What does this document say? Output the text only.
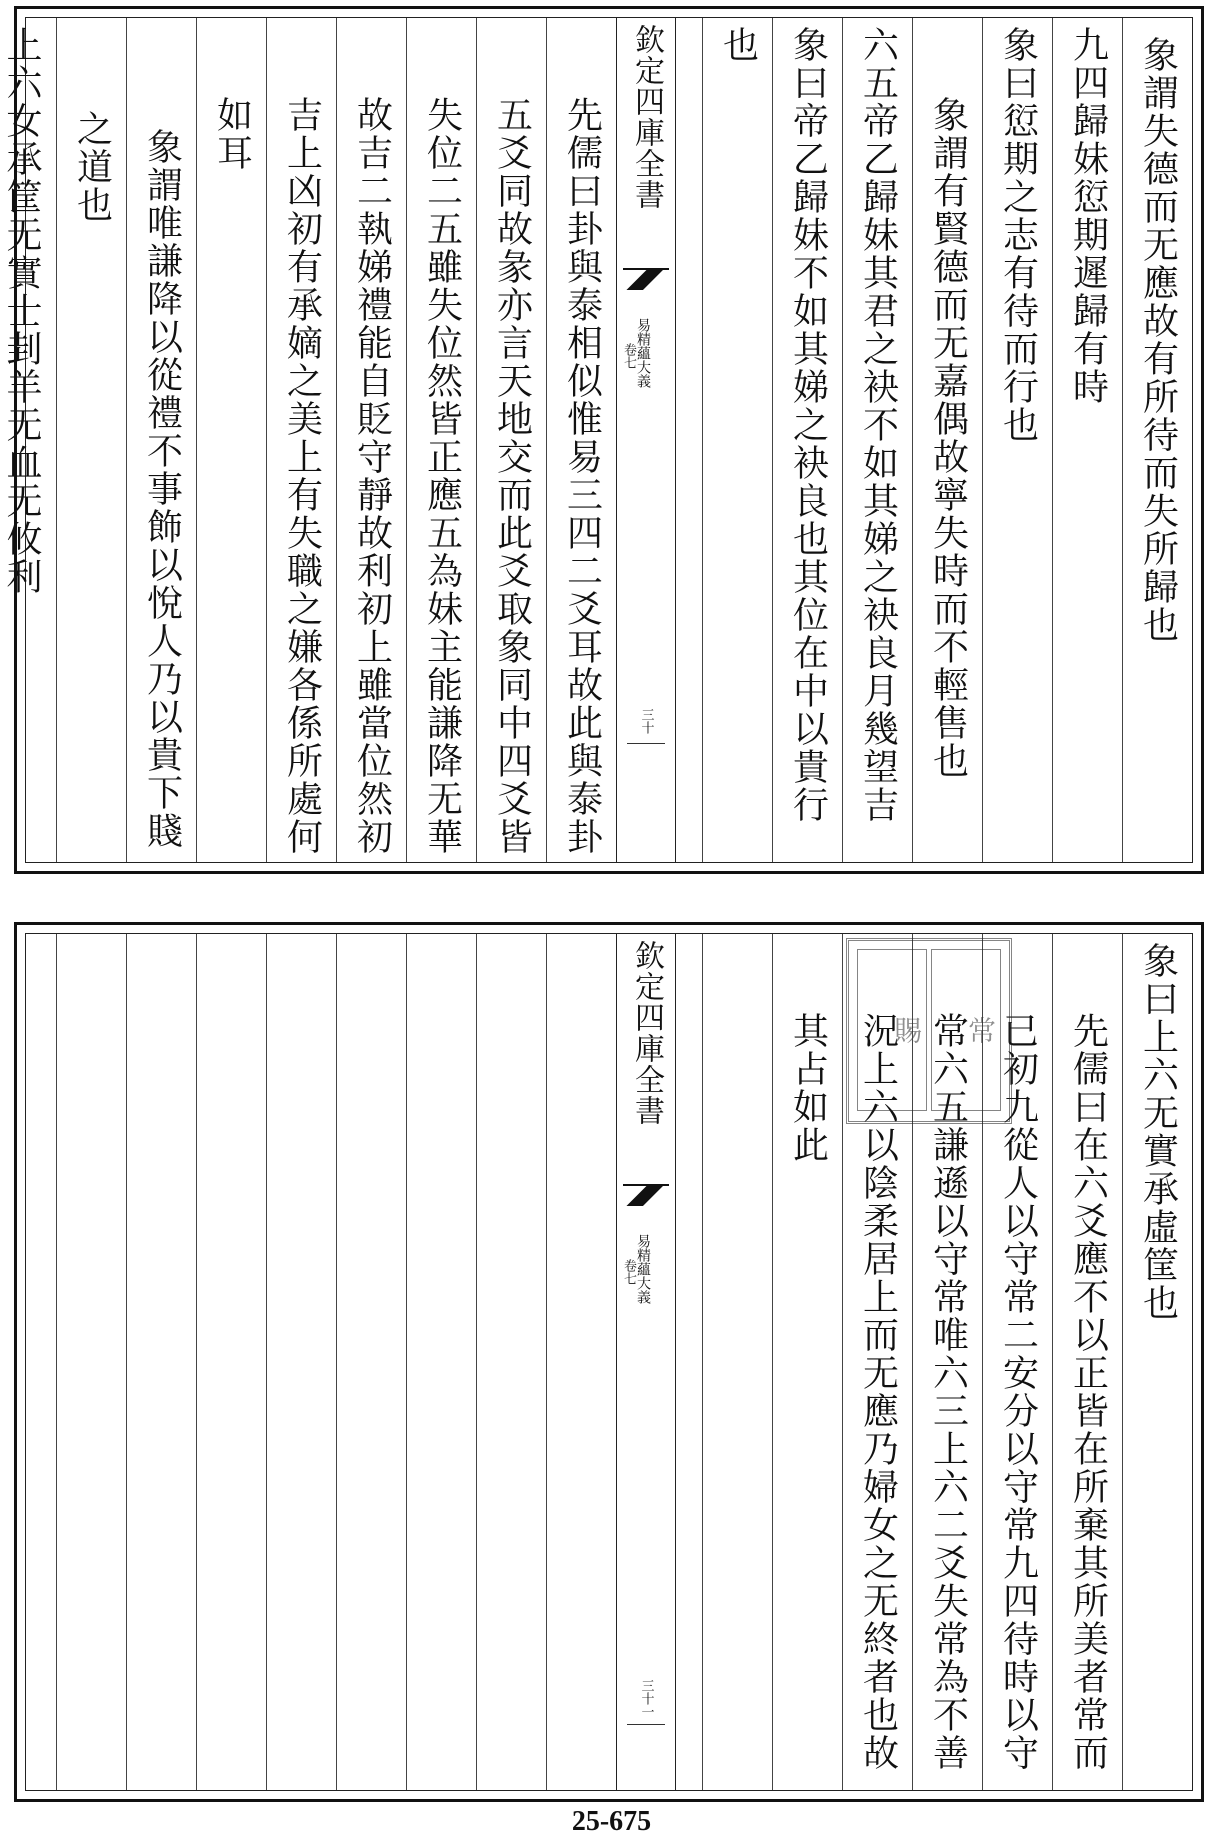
象謂失德而无應故有所待而失所歸也
九四歸妹愆期遲歸有時
象曰愆期之志有待而行也
象謂有賢德而无嘉偶故寧失時而不輕售也
六五帝乙歸妹其君之袂不如其娣之袂良月幾望吉
象曰帝乙歸妹不如其娣之袂良也其位在中以貴行
也
欽定四庫全書
易精蘊大義
卷七
三十
先儒曰卦與泰相似惟易三四二爻耳故此與泰卦
五爻同故彖亦言天地交而此爻取象同中四爻皆
失位二五雖失位然皆正應五為妹主能謙降无華
故吉二執娣禮能自貶守靜故利初上雖當位然初
吉上凶初有承嫡之美上有失職之嫌各係所處何
如耳
象謂唯謙降以從禮不事飾以悅人乃以貴下賤
之道也
上六女承筐无實士刲羊无血无攸利
象曰上六无實承虛筐也
先儒曰在六爻應不以正皆在所棄其所美者常而
已初九從人以守常二安分以守常九四待時以守
常六五謙遜以守常唯六三上六二爻失常為不善
況上六以陰柔居上而无應乃婦女之无終者也故
其占如此	賜	常
欽定四庫全書
易精蘊大義
卷七
三十一
25-675
